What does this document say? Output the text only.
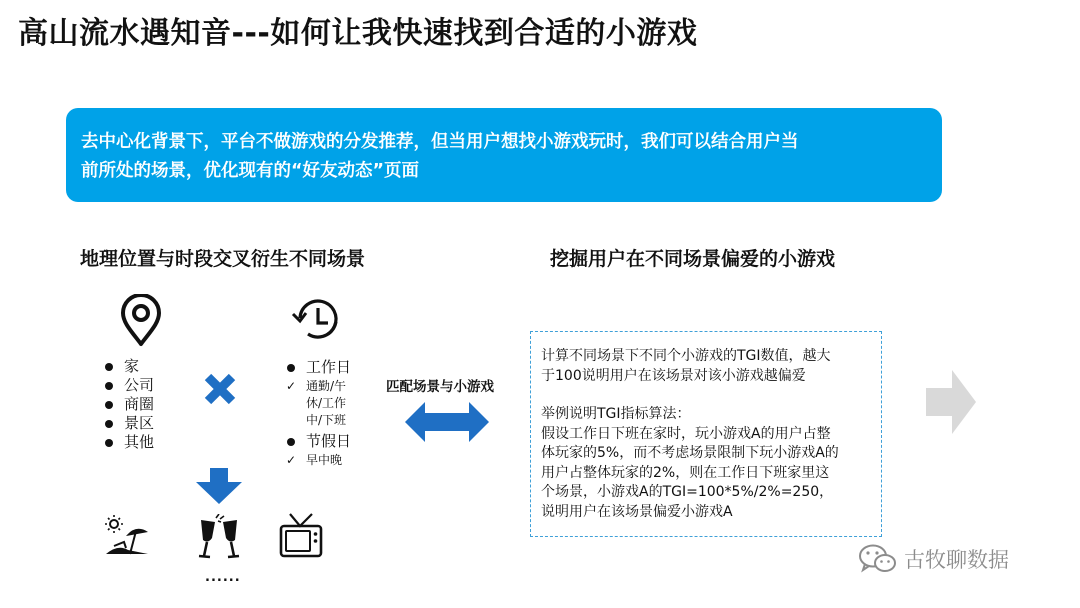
高山流水遇知音---如何让我快速找到合适的小游戏
去中心化背景下，平台不做游戏的分发推荐，但当用户想找小游戏玩时，我们可以结合用户当
前所处的场景，优化现有的“好友动态”页面
地理位置与时段交叉衍生不同场景
家
公司
商圈
景区
其他
工作日
✓ 通勤/午休/工作中/下班
节假日
✓ 早中晚
......
匹配场景与小游戏
挖掘用户在不同场景偏爱的小游戏

计算不同场景下不同个小游戏的TGI数值，越大

于100说明用户在该场景对该小游戏越偏爱

举例说明TGI指标算法：

假设工作日下班在家时，玩小游戏A的用户占整

体玩家的5%，而不考虑场景限制下玩小游戏A的

用户占整体玩家的2%，则在工作日下班家里这

个场景，小游戏A的TGI=100*5%/2%=250，

说明用户在该场景偏爱小游戏A

古牧聊数据
